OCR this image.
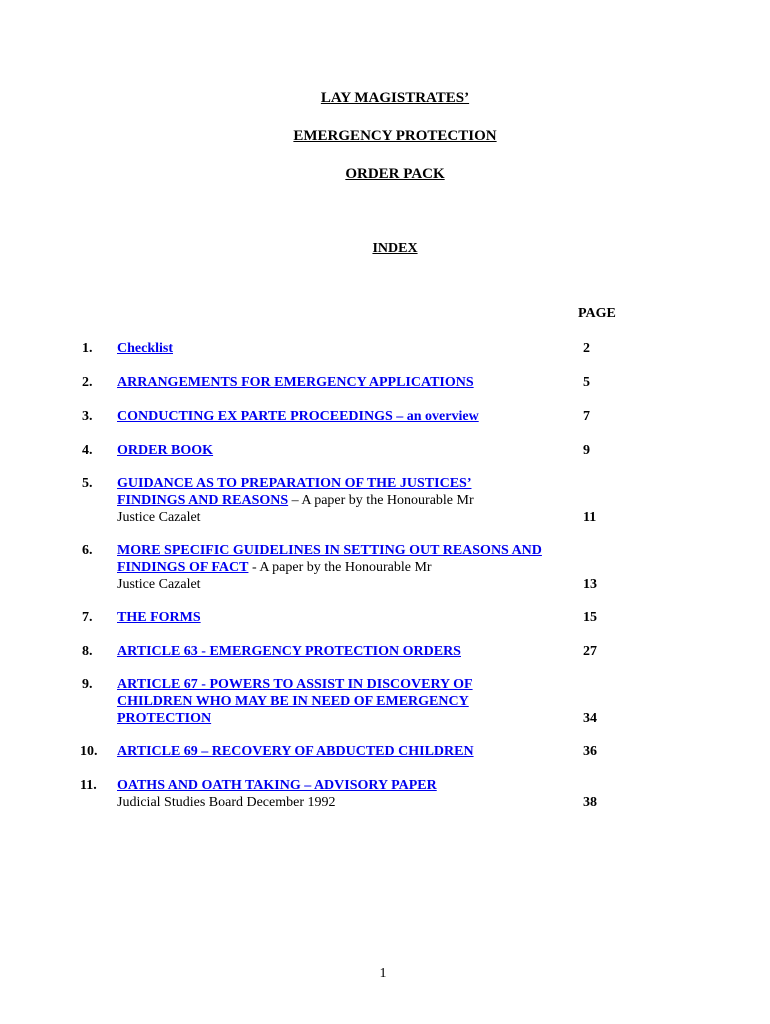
LAY MAGISTRATES’
EMERGENCY PROTECTION
ORDER PACK
INDEX
PAGE
1. Checklist	2
2. ARRANGEMENTS FOR EMERGENCY APPLICATIONS	5
3. CONDUCTING EX PARTE PROCEEDINGS – an overview	7
4. ORDER BOOK	9
5. GUIDANCE AS TO PREPARATION OF THE JUSTICES’ FINDINGS AND REASONS – A paper by the Honourable Mr
Justice Cazalet	11
6. MORE SPECIFIC GUIDELINES IN SETTING OUT REASONS AND FINDINGS OF FACT - A paper by the Honourable Mr
Justice Cazalet	13
7. THE FORMS	15
8. ARTICLE 63 - EMERGENCY PROTECTION ORDERS	27
9. ARTICLE 67 - POWERS TO ASSIST IN DISCOVERY OF CHILDREN WHO MAY BE IN NEED OF EMERGENCY PROTECTION	34
10. ARTICLE 69 – RECOVERY OF ABDUCTED CHILDREN	36
11. OATHS AND OATH TAKING – ADVISORY PAPER
Judicial Studies Board December 1992	38
1
